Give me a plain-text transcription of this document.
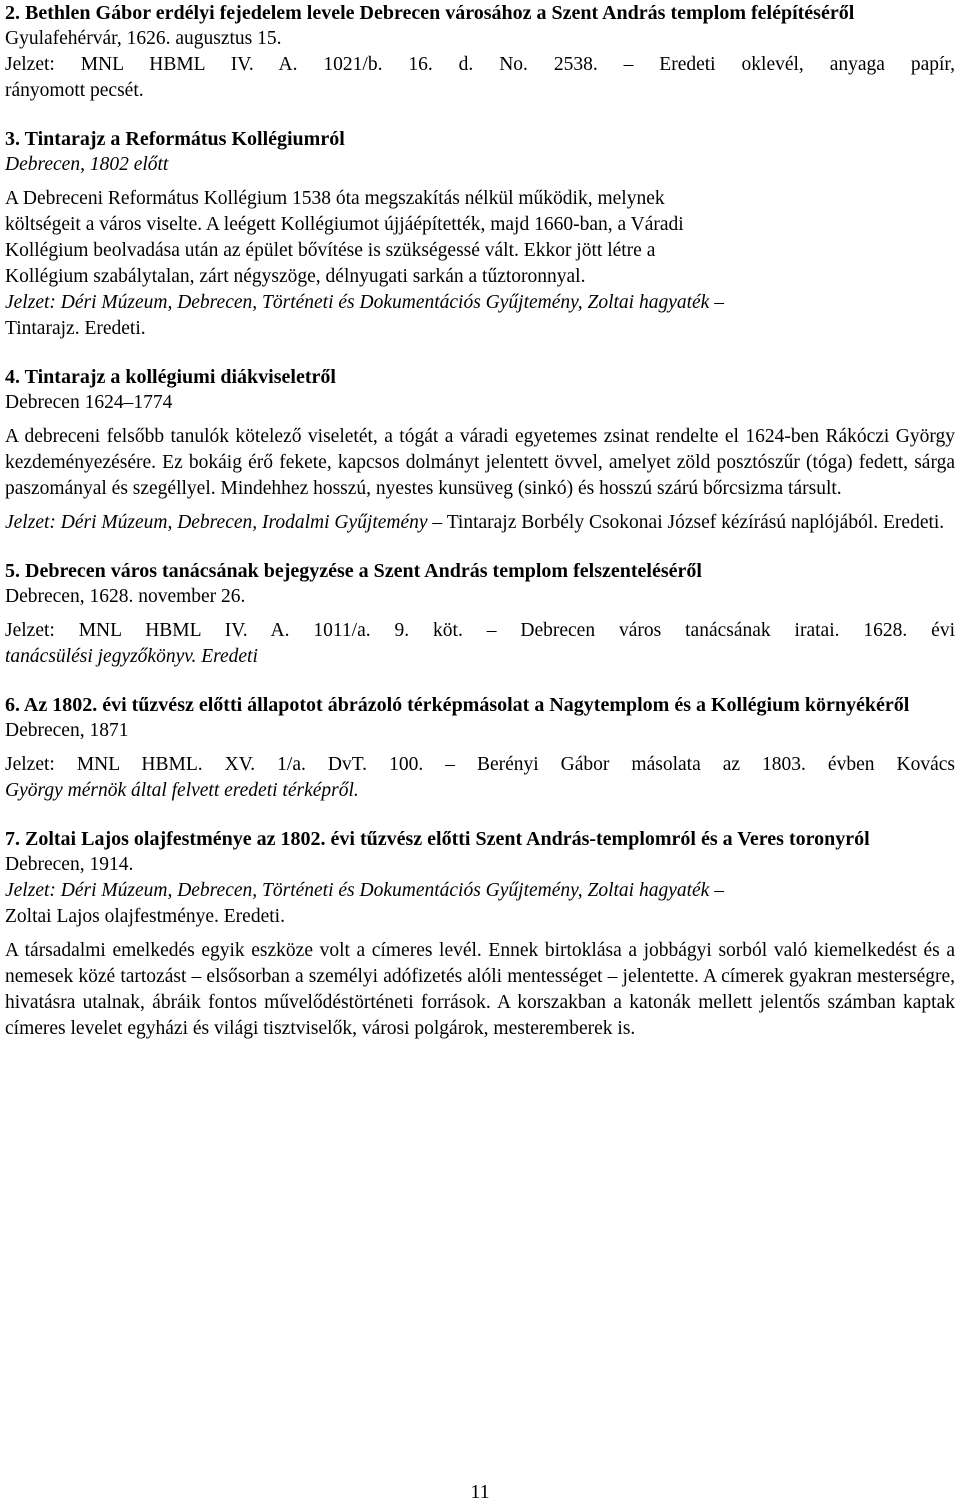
2. Bethlen Gábor erdélyi fejedelem levele Debrecen városához a Szent András templom felépítéséről

Gyulafehérvár, 1626. augusztus 15.

Jelzet: MNL HBML IV. A. 1021/b. 16. d. No. 2538. – Eredeti oklevél, anyaga papír,

rányomott pecsét.

3. Tintarajz a Református Kollégiumról

Debrecen, 1802 előtt

A Debreceni Református Kollégium 1538 óta megszakítás nélkül működik, melynek

költségeit a város viselte. A leégett Kollégiumot újjáépítették, majd 1660-ban, a Váradi

Kollégium beolvadása után az épület bővítése is szükségessé vált. Ekkor jött létre a

Kollégium szabálytalan, zárt négyszöge, délnyugati sarkán a tűztoronnyal.

Jelzet: Déri Múzeum, Debrecen, Történeti és Dokumentációs Gyűjtemény, Zoltai hagyaték –

Tintarajz. Eredeti.

4. Tintarajz a kollégiumi diákviseletről

Debrecen 1624–1774

A debreceni felsőbb tanulók kötelező viseletét, a tógát a váradi egyetemes zsinat rendelte el 1624-ben Rákóczi György kezdeményezésére. Ez bokáig érő fekete, kapcsos dolmányt jelentett övvel, amelyet zöld posztószűr (tóga) fedett, sárga paszományal és szegéllyel. Mindehhez hosszú, nyestes kunsüveg (sinkó) és hosszú szárú bőrcsizma társult.

Jelzet: Déri Múzeum, Debrecen, Irodalmi Gyűjtemény – Tintarajz Borbély Csokonai József kézírású naplójából. Eredeti.

5. Debrecen város tanácsának bejegyzése a Szent András templom felszenteléséről

Debrecen, 1628. november 26.

Jelzet: MNL HBML IV. A. 1011/a. 9. köt. – Debrecen város tanácsának iratai. 1628. évi

tanácsülési jegyzőkönyv. Eredeti

6. Az 1802. évi tűzvész előtti állapotot ábrázoló térképmásolat a Nagytemplom és a Kollégium környékéről

Debrecen, 1871

Jelzet: MNL HBML. XV. 1/a. DvT. 100. – Berényi Gábor másolata az 1803. évben Kovács

György mérnök által felvett eredeti térképről.

7. Zoltai Lajos olajfestménye az 1802. évi tűzvész előtti Szent András-templomról és a Veres toronyról

Debrecen, 1914.

Jelzet: Déri Múzeum, Debrecen, Történeti és Dokumentációs Gyűjtemény, Zoltai hagyaték –

Zoltai Lajos olajfestménye. Eredeti.

A társadalmi emelkedés egyik eszköze volt a címeres levél. Ennek birtoklása a jobbágyi sorból való kiemelkedést és a nemesek közé tartozást – elsősorban a személyi adófizetés alóli mentességet – jelentette. A címerek gyakran mesterségre, hivatásra utalnak, ábráik fontos művelődéstörténeti források. A korszakban a katonák mellett jelentős számban kaptak címeres levelet egyházi és világi tisztviselők, városi polgárok, mesteremberek is.

11
